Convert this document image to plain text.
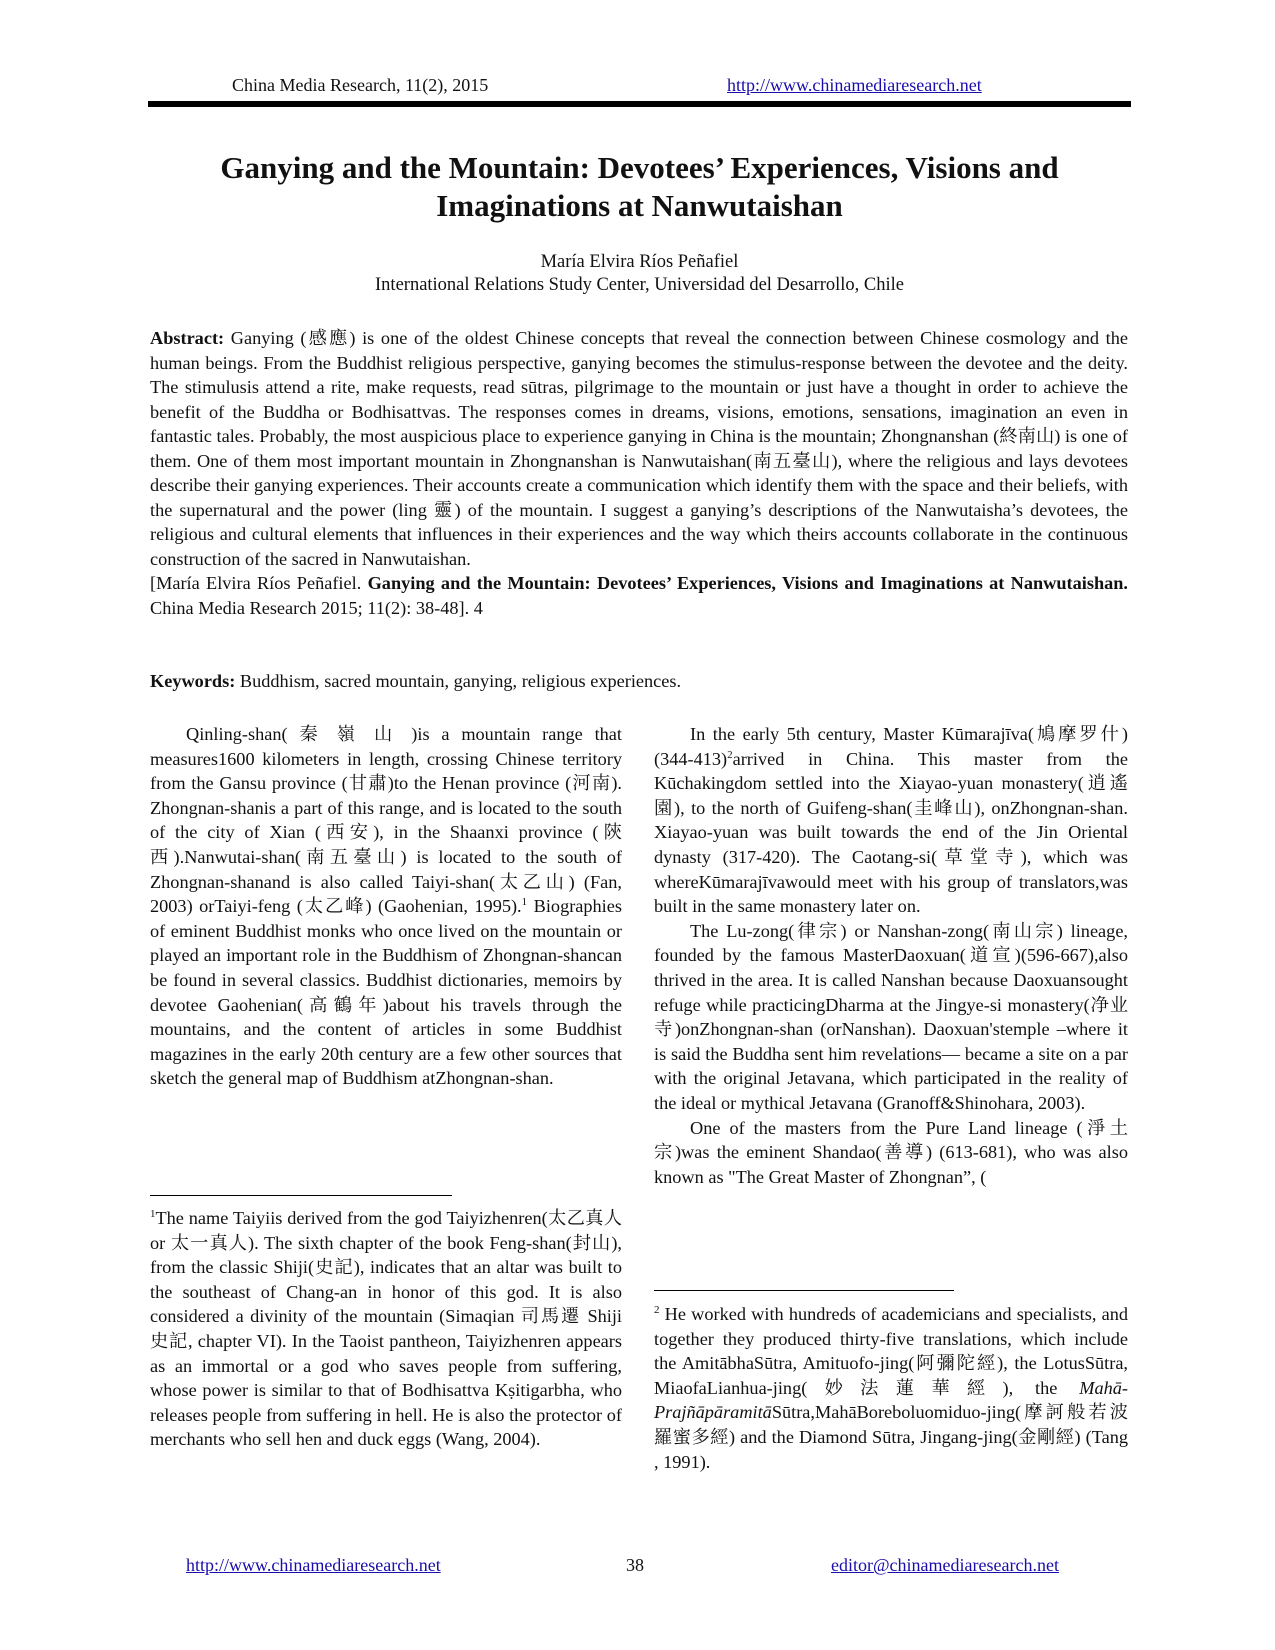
China Media Research, 11(2), 2015	http://www.chinamediaresearch.net
Ganying and the Mountain: Devotees’ Experiences, Visions and Imaginations at Nanwutaishan
María Elvira Ríos Peñafiel
International Relations Study Center, Universidad del Desarrollo, Chile
Abstract: Ganying (感應) is one of the oldest Chinese concepts that reveal the connection between Chinese cosmology and the human beings. From the Buddhist religious perspective, ganying becomes the stimulus-response between the devotee and the deity. The stimulusis attend a rite, make requests, read sūtras, pilgrimage to the mountain or just have a thought in order to achieve the benefit of the Buddha or Bodhisattvas. The responses comes in dreams, visions, emotions, sensations, imagination an even in fantastic tales. Probably, the most auspicious place to experience ganying in China is the mountain; Zhongnanshan (終南山) is one of them. One of them most important mountain in Zhongnanshan is Nanwutaishan(南五臺山), where the religious and lays devotees describe their ganying experiences. Their accounts create a communication which identify them with the space and their beliefs, with the supernatural and the power (ling 靈) of the mountain. I suggest a ganying’s descriptions of the Nanwutaisha’s devotees, the religious and cultural elements that influences in their experiences and the way which theirs accounts collaborate in the continuous construction of the sacred in Nanwutaishan.
[María Elvira Ríos Peñafiel. Ganying and the Mountain: Devotees’ Experiences, Visions and Imaginations at Nanwutaishan. China Media Research 2015; 11(2): 38-48]. 4
Keywords: Buddhism, sacred mountain, ganying, religious experiences.

Qinling-shan( 秦 嶺 山 )is a mountain range that measures1600 kilometers in length, crossing Chinese territory from the Gansu province (甘肅)to the Henan province (河南). Zhongnan-shanis a part of this range, and is located to the south of the city of Xian (西安), in the Shaanxi province (陝西).Nanwutai-shan(南五臺山) is located to the south of Zhongnan-shanand is also called Taiyi-shan(太乙山) (Fan, 2003) orTaiyi-feng (太乙峰) (Gaohenian, 1995).$^1$ Biographies of eminent Buddhist monks who once lived on the mountain or played an important role in the Buddhism of Zhongnan-shancan be found in several classics. Buddhist dictionaries, memoirs by devotee Gaohenian(高鶴年)about his travels through the mountains, and the content of articles in some Buddhist magazines in the early 20th century are a few other sources that sketch the general map of Buddhism atZhongnan-shan.

$^1$The name Taiyiis derived from the god Taiyizhenren(太乙真人 or 太一真人). The sixth chapter of the book Feng-shan(封山), from the classic Shiji(史記), indicates that an altar was built to the southeast of Chang-an in honor of this god. It is also considered a divinity of the mountain (Simaqian 司馬遷 Shiji 史記, chapter VI). In the Taoist pantheon, Taiyizhenren appears as an immortal or a god who saves people from suffering, whose power is similar to that of Bodhisattva Kṣitigarbha, who releases people from suffering in hell. He is also the protector of merchants who sell hen and duck eggs (Wang, 2004).

In the early 5th century, Master Kūmarajīva(鳩摩罗什) $(344-413)^2arrived$ in China. This master from the Kūchakingdom settled into the Xiayao-yuan monastery(逍遙園), to the north of Guifeng-shan(圭峰山), onZhongnan-shan. Xiayao-yuan was built towards the end of the Jin Oriental dynasty (317-420). The Caotang-si(草堂寺), which was whereKūmarajīvawould meet with his group of translators,was built in the same monastery later on.

The Lu-zong(律宗) or Nanshan-zong(南山宗) lineage, founded by the famous MasterDaoxuan(道宣)(596-667),also thrived in the area. It is called Nanshan because Daoxuansought refuge while practicingDharma at the Jingye-si monastery(净业寺)onZhongnan-shan (orNanshan). Daoxuan'stemple –where it is said the Buddha sent him revelations— became a site on a par with the original Jetavana, which participated in the reality of the ideal or mythical Jetavana (Granoff&Shinohara, 2003).

One of the masters from the Pure Land lineage (淨土宗)was the eminent Shandao(善導) (613-681), who was also known as "The Great Master of Zhongnan”, (

$^2$ He worked with hundreds of academicians and specialists, and together they produced thirty-five translations, which include the AmitābhaSūtra, Amituofo-jing(阿彌陀經), the LotusSūtra, MiaofaLianhua-jing(妙法蓮華經), the Mahā-PrajñāpāramitāSūtra,MahāBoreboluomiduo-jing(摩訶般若波羅蜜多經) and the Diamond Sūtra, Jingang-jing(金剛經) (Tang , 1991).
http://www.chinamediaresearch.net	38	editor@chinamediaresearch.net
